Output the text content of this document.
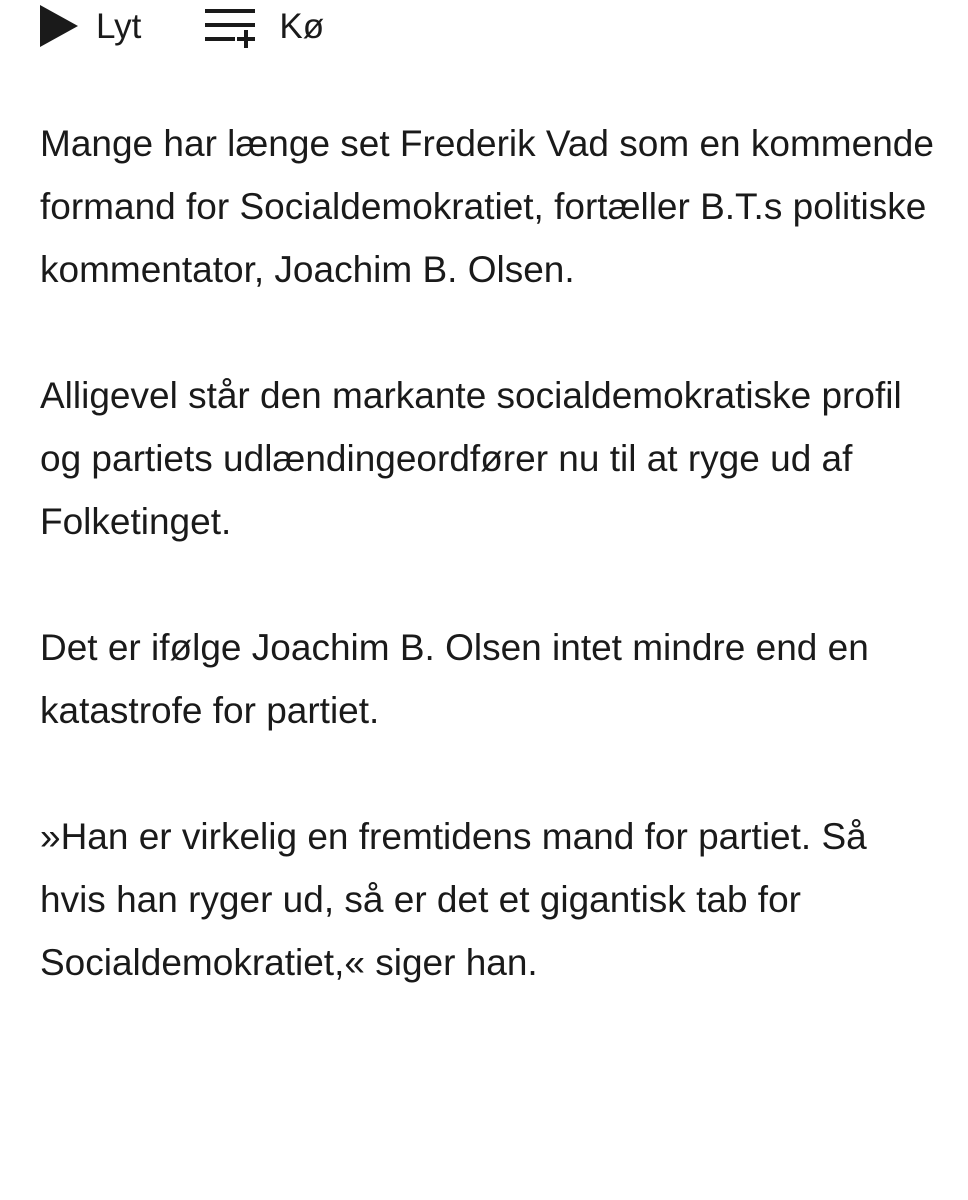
Lyt	Kø

Mange har længe set Frederik Vad som en kommende formand for Socialdemokratiet, fortæller B.T.s politiske kommentator, Joachim B. Olsen.

Alligevel står den markante socialdemokratiske profil og partiets udlændingeordfører nu til at ryge ud af Folketinget.

Det er ifølge Joachim B. Olsen intet mindre end en katastrofe for partiet.

»Han er virkelig en fremtidens mand for partiet. Så hvis han ryger ud, så er det et gigantisk tab for Socialdemokratiet,« siger han.
